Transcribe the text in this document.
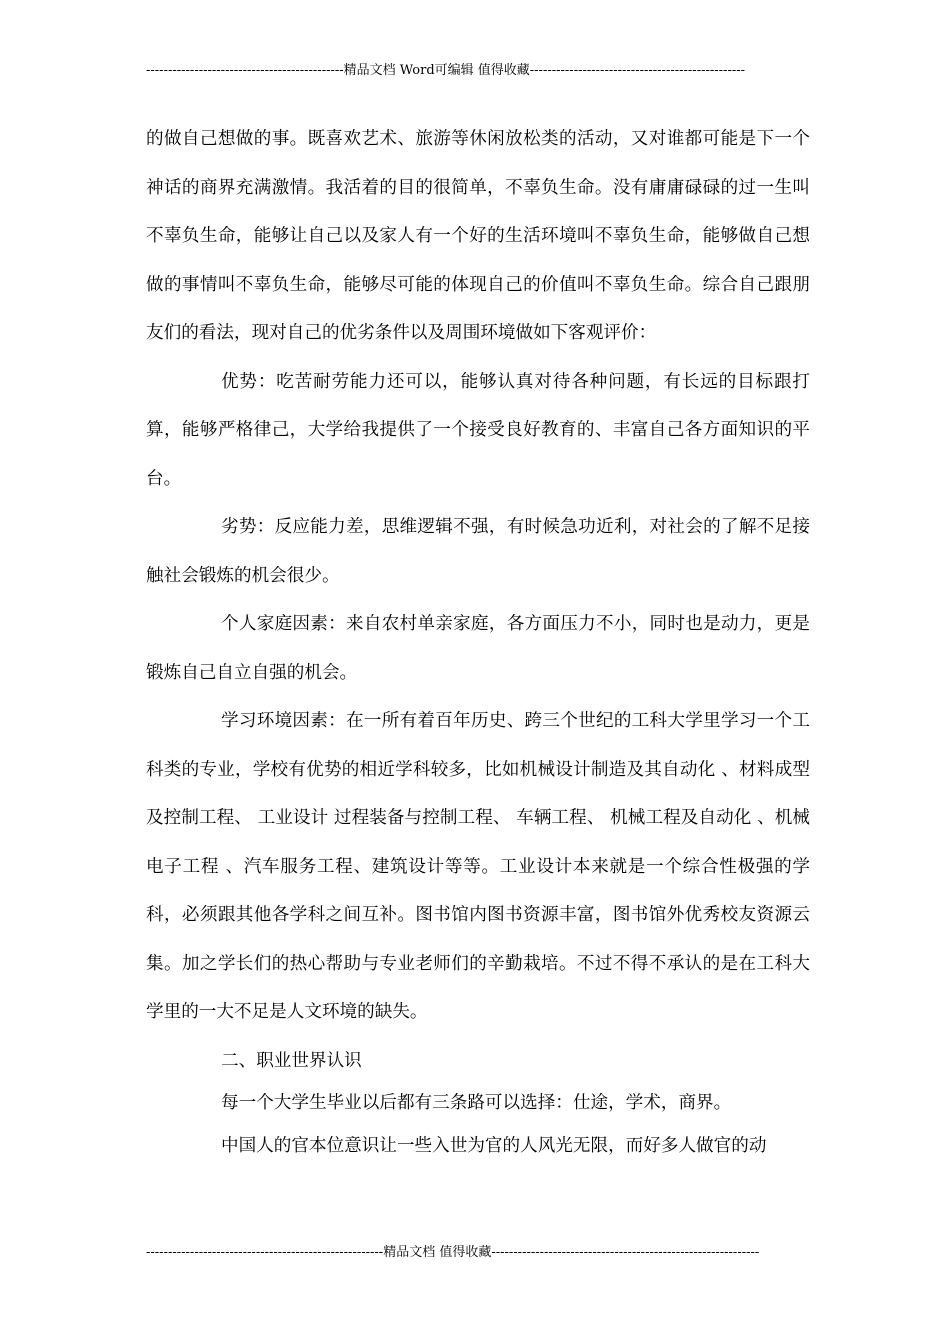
---------------------------------------------精品文档 Word可编辑 值得收藏-------------------------------------------------

的做自己想做的事。既喜欢艺术、旅游等休闲放松类的活动，又对谁都可能是下一个神话的商界充满激情。我活着的目的很简单，不辜负生命。没有庸庸碌碌的过一生叫不辜负生命，能够让自己以及家人有一个好的生活环境叫不辜负生命，能够做自己想做的事情叫不辜负生命，能够尽可能的体现自己的价值叫不辜负生命。综合自己跟朋友们的看法，现对自己的优劣条件以及周围环境做如下客观评价：

优势：吃苦耐劳能力还可以，能够认真对待各种问题，有长远的目标跟打算，能够严格律己，大学给我提供了一个接受良好教育的、丰富自己各方面知识的平台。

劣势：反应能力差，思维逻辑不强，有时候急功近利，对社会的了解不足接触社会锻炼的机会很少。

个人家庭因素：来自农村单亲家庭，各方面压力不小，同时也是动力，更是锻炼自己自立自强的机会。

学习环境因素：在一所有着百年历史、跨三个世纪的工科大学里学习一个工科类的专业，学校有优势的相近学科较多，比如机械设计制造及其自动化 、材料成型及控制工程、 工业设计 过程装备与控制工程、 车辆工程、 机械工程及自动化 、机械电子工程 、汽车服务工程、建筑设计等等。工业设计本来就是一个综合性极强的学科，必须跟其他各学科之间互补。图书馆内图书资源丰富，图书馆外优秀校友资源云集。加之学长们的热心帮助与专业老师们的辛勤栽培。不过不得不承认的是在工科大学里的一大不足是人文环境的缺失。

二、职业世界认识

每一个大学生毕业以后都有三条路可以选择：仕途，学术，商界。

中国人的官本位意识让一些入世为官的人风光无限，而好多人做官的动

------------------------------------------------------精品文档 值得收藏-------------------------------------------------------------
